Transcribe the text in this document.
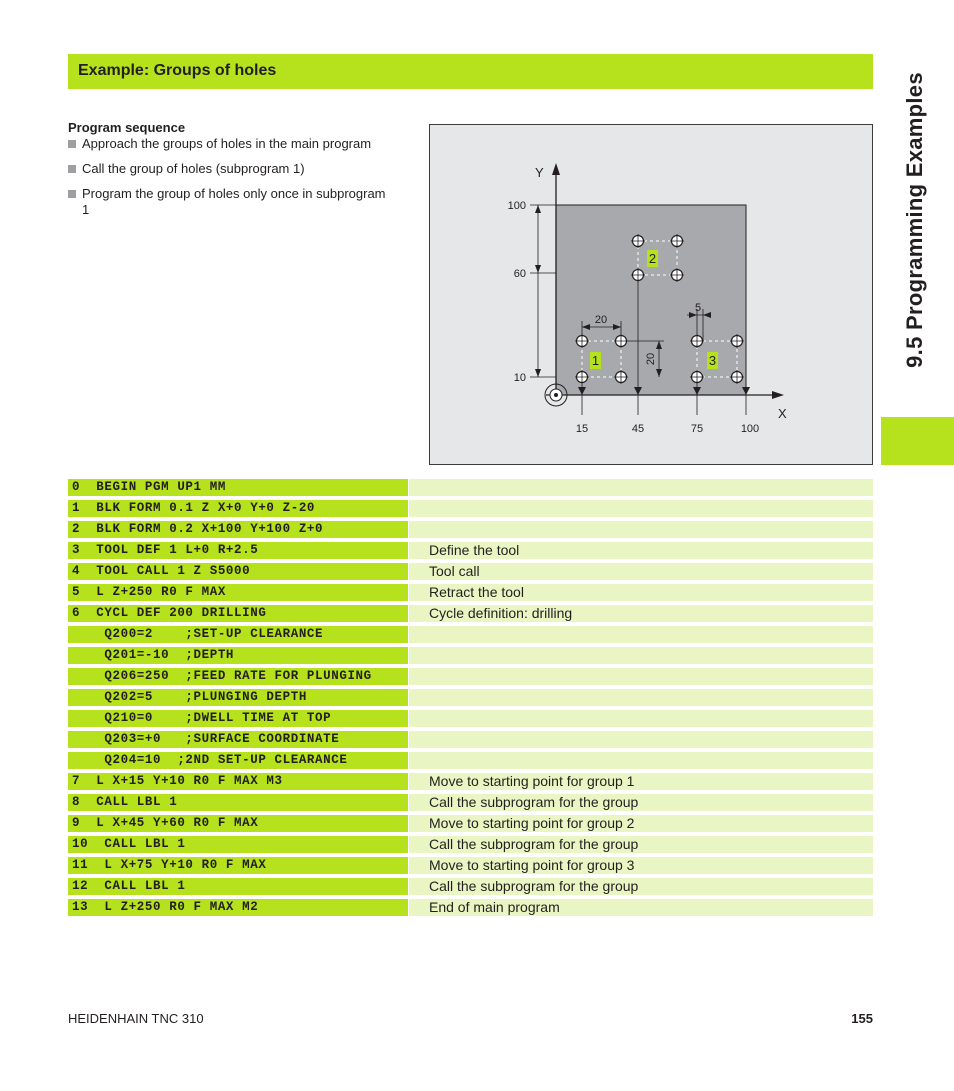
Example: Groups of holes
9.5 Programming Examples
Program sequence
Approach the groups of holes in the main program
Call the group of holes (subprogram 1)
Program the group of holes only once in subprogram 1
Y
X
100
60
10
15	45	75	100
20
20
5
1
2
3
0  BEGIN PGM UP1 MM
1  BLK FORM 0.1 Z X+0 Y+0 Z-20
2  BLK FORM 0.2 X+100 Y+100 Z+0
3  TOOL DEF 1 L+0 R+2.5	Define the tool
4  TOOL CALL 1 Z S5000	Tool call
5  L Z+250 R0 F MAX	Retract the tool
6  CYCL DEF 200 DRILLING	Cycle definition: drilling
Q200=2    ;SET-UP CLEARANCE
Q201=-10  ;DEPTH
Q206=250  ;FEED RATE FOR PLUNGING
Q202=5    ;PLUNGING DEPTH
Q210=0    ;DWELL TIME AT TOP
Q203=+0   ;SURFACE COORDINATE
Q204=10  ;2ND SET-UP CLEARANCE
7  L X+15 Y+10 R0 F MAX M3	Move to starting point for group 1
8  CALL LBL 1	Call the subprogram for the group
9  L X+45 Y+60 R0 F MAX	Move to starting point for group 2
10  CALL LBL 1	Call the subprogram for the group
11  L X+75 Y+10 R0 F MAX	Move to starting point for group 3
12  CALL LBL 1	Call the subprogram for the group
13  L Z+250 R0 F MAX M2	End of main program
HEIDENHAIN TNC 310	155
